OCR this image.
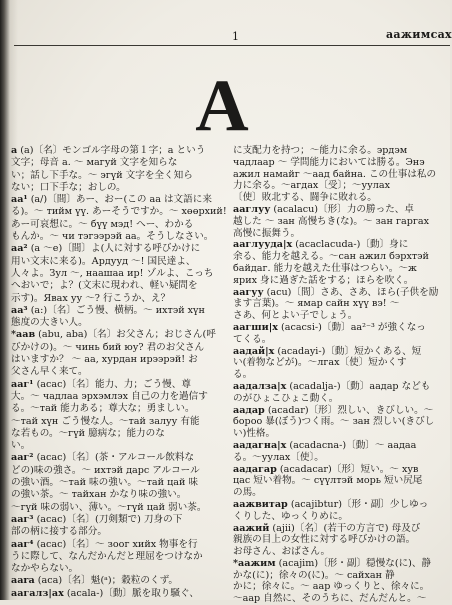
1	аажимсах
A
a (a)〔名〕モンゴル字母の第１字；a という
文字；母音 a. ～ магуй 文字を知らな
い；話し下手な。～ эгүй 文字を全く知ら
ない；口下手な；おしの。
aa¹ (a/)〔間〕あー、おー(この aa は文語に来
る)。～ тийм үү. あーそうですか。～ хөөрхий!
あー可哀想に。～ бүү мэд! へー、わかる
もんか。～ чи тэгээрэй аа。そうしなさい。
aa² (a ～e)〔間〕よ(人に対する呼びかけに
用い文末に来る)。Ардууд ～! 国民達よ、
人々よ。Зул ～, наашаа ир! ゾルよ、こっち
へおいで；よ？(文末に現われ、軽い疑問を
示す)。Явах уу ～? 行こうか、え？
aa³ (a:)〔名〕ごう慢、横柄。～ ихтэй хүн
態度の大きい人。
*aaв (abu, aba)〔名〕お父さん；おじさん(呼
びかけの)。～ чинь бий юу? 君のお父さん
はいますか？ ～ аа, хурдан ирээрэй! お
父さん早く来て。
aaг¹ (acac)〔名〕能力、力；ごう慢、尊
大。～ чадлаа эрхэмлэх 自己の力を過信す
る。～тай 能力ある；尊大な；勇ましい。
～тай хүн ごう慢な人。～тай залуу 有能
な若もの。～гүй 臆病な；能力のな
い。
aaг² (acac)〔名〕(茶・アルコール飲料な
どの)味の強さ。～ ихтэй дарс アルコール
の強い酒。～тай 味の強い。～тай цай 味
の強い茶。～ тайхан かなり味の強い。
～гүй 味の弱い、薄い。～гүй цай 弱い茶。
aaг³ (acac)〔名〕(刀剣類で) 刀身の下
部の柄に接する部分。
aaг⁴ (acac)〔名〕～ зоог хийх 物事を行
うに際して、なんだかんだと理屈をつけなか
なかやらない。
aara (aca)〔名〕魁(ᵃ)；穀粒のくず。
aaгалз|ах (acala-)〔動〕脈を取り騒ぐ、
に支配力を持つ；～能力に余る。эрдэм
чадлаар ～ 学問能力においては勝る。Энэ
ажил намайг ～аад байна. この仕事は私の
力に余る。～агдах〔受〕；～уулах
〔使〕敗北する、闘争に敗れる。
ааглуу (acalacu)〔形〕力の勝った、卓
越した ～ зан 高慢ちき(な)。～ зан гаргах
高慢に振舞う。
ааглууда|х (acaclacuda-)〔動〕身に
余る、能力を越える。～сан ажил бэрхтэй
байдаг. 能力を越えた仕事はつらい。～ж
ярих 身に過ぎた話をする；ほらを吹く。
аагуу (acu)〔間〕さあ、さあ、ほら(子供を励
ます言葉)。～ ямар сайн хүү вэ! ～
さあ、何とよい子でしょう。
аагши|х (acacsi-)〔動〕aa²⁻³ が強くなっ
てくる。
аадай|х (acadayi-)〔動〕短かくある、短
い(着物などが)。～лгах〔使〕短かくす
る。
аадалза|х (acadalja-)〔動〕аадар なども
のがひょこひょこ動く。
аадар (acadar)〔形〕烈しい、きびしい。～
бороо 暴(ぼう)つく雨。～ зан 烈しい(きびし
い)性格。
аадагна|х (acadacna-)〔動〕～ аадаа
る。～уулах〔使〕。
аадагар (acadacar)〔形〕短い。～ хув
цас 短い着物。～ сүүлтэй морь 短い尻尾
の馬。
аажвитар (acajibtur)〔形・副〕少しゆっ
くりした、ゆっくりめに。
аажий (ajii)〔名〕(若干の方言で) 母及び
親族の目上の女性に対する呼びかけの語。
お母さん、おばさん。
*аажим (acajim)〔形・副〕穏慢な(に)、静
かな(に)；徐々の(に)。～ сайхан 静
かに；徐々に。～ аар ゆっくりと、徐々に。
～аар 自然に、そのうちに、だんだんと。～
